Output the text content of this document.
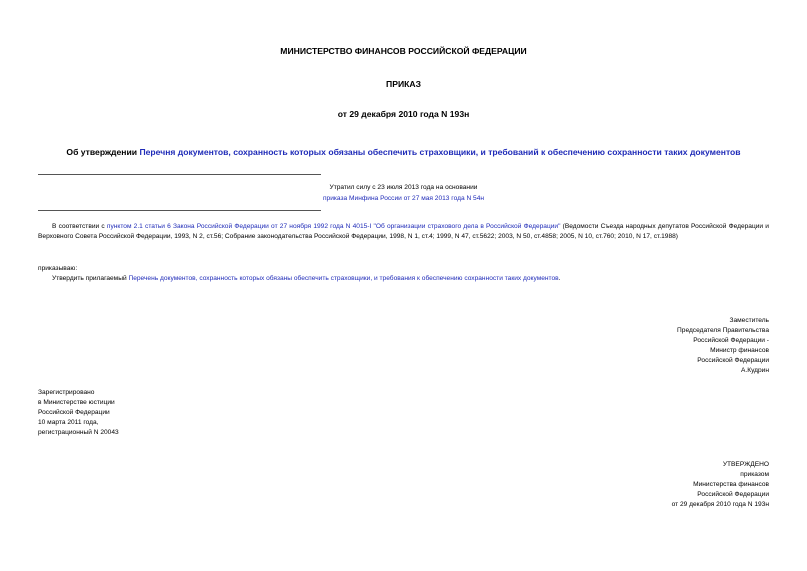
МИНИСТЕРСТВО ФИНАНСОВ РОССИЙСКОЙ ФЕДЕРАЦИИ
ПРИКАЗ
от 29 декабря 2010 года N 193н
Об утверждении Перечня документов, сохранность которых обязаны обеспечить страховщики, и требований к обеспечению сохранности таких документов
Утратил силу с 23 июля 2013 года на основании
приказа Минфина России от 27 мая 2013 года N 54н
В соответствии с пунктом 2.1 статьи 6 Закона Российской Федерации от 27 ноября 1992 года N 4015-I "Об организации страхового дела в Российской Федерации" (Ведомости Съезда народных депутатов Российской Федерации и Верховного Совета Российской Федерации, 1993, N 2, ст.56; Собрание законодательства Российской Федерации, 1998, N 1, ст.4; 1999, N 47, ст.5622; 2003, N 50, ст.4858; 2005, N 10, ст.760; 2010, N 17, ст.1988)
приказываю:
Утвердить прилагаемый Перечень документов, сохранность которых обязаны обеспечить страховщики, и требования к обеспечению сохранности таких документов.
Заместитель
Председателя Правительства
Российской Федерации -
Министр финансов
Российской Федерации
А.Кудрин
Зарегистрировано
в Министерстве юстиции
Российской Федерации
10 марта 2011 года,
регистрационный N 20043
УТВЕРЖДЕНО
приказом
Министерства финансов
Российской Федерации
от 29 декабря 2010 года N 193н
